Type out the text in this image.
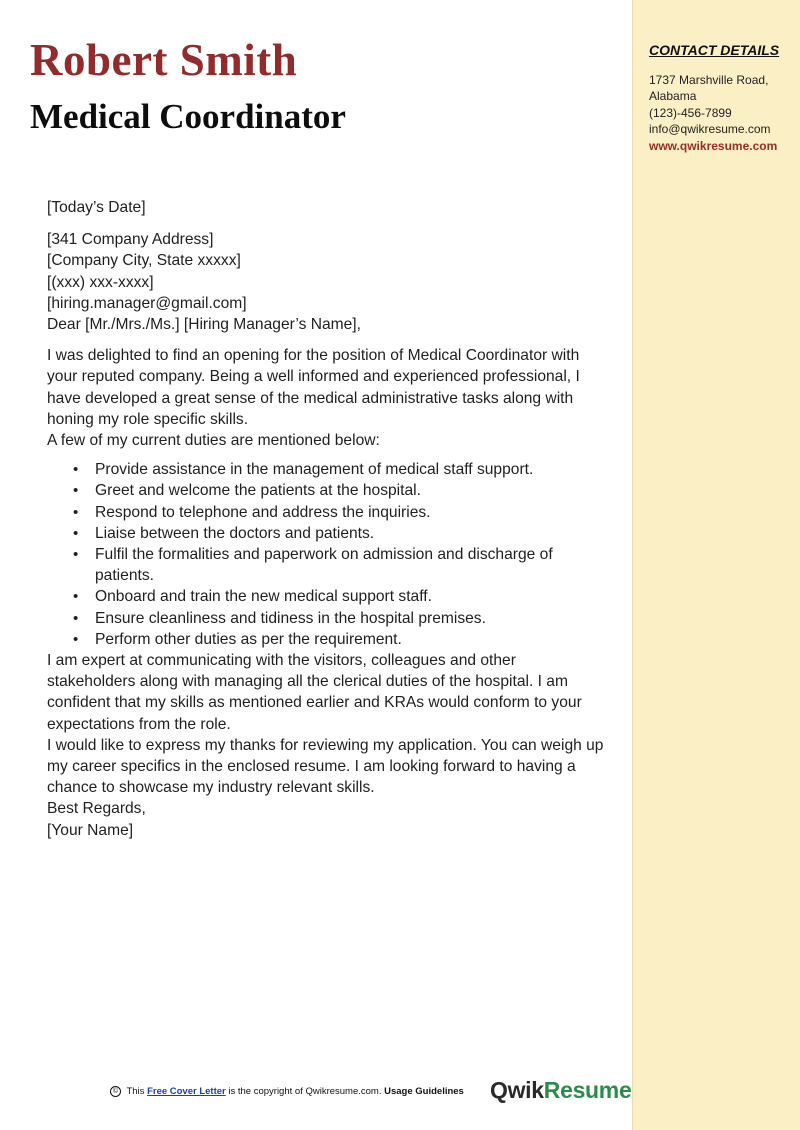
Robert Smith
Medical Coordinator
CONTACT DETAILS
1737 Marshville Road,
Alabama
(123)-456-7899
info@qwikresume.com
www.qwikresume.com

[Today’s Date]

[341 Company Address]

[Company City, State xxxxx]

[(xxx) xxx-xxxx]

[hiring.manager@gmail.com]

Dear [Mr./Mrs./Ms.] [Hiring Manager’s Name],

I was delighted to find an opening for the position of Medical Coordinator with your reputed company. Being a well informed and experienced professional, I have developed a great sense of the medical administrative tasks along with honing my role specific skills.

A few of my current duties are mentioned below:

• Provide assistance in the management of medical staff support.
• Greet and welcome the patients at the hospital.
• Respond to telephone and address the inquiries.
• Liaise between the doctors and patients.
• Fulfil the formalities and paperwork on admission and discharge of patients.
• Onboard and train the new medical support staff.
• Ensure cleanliness and tidiness in the hospital premises.
• Perform other duties as per the requirement.

I am expert at communicating with the visitors, colleagues and other stakeholders along with managing all the clerical duties of the hospital. I am confident that my skills as mentioned earlier and KRAs would conform to your expectations from the role.

I would like to express my thanks for reviewing my application. You can weigh up my career specifics in the enclosed resume. I am looking forward to having a chance to showcase my industry relevant skills.

Best Regards,

[Your Name]

© This Free Cover Letter is the copyright of Qwikresume.com. Usage Guidelines QwikResume
